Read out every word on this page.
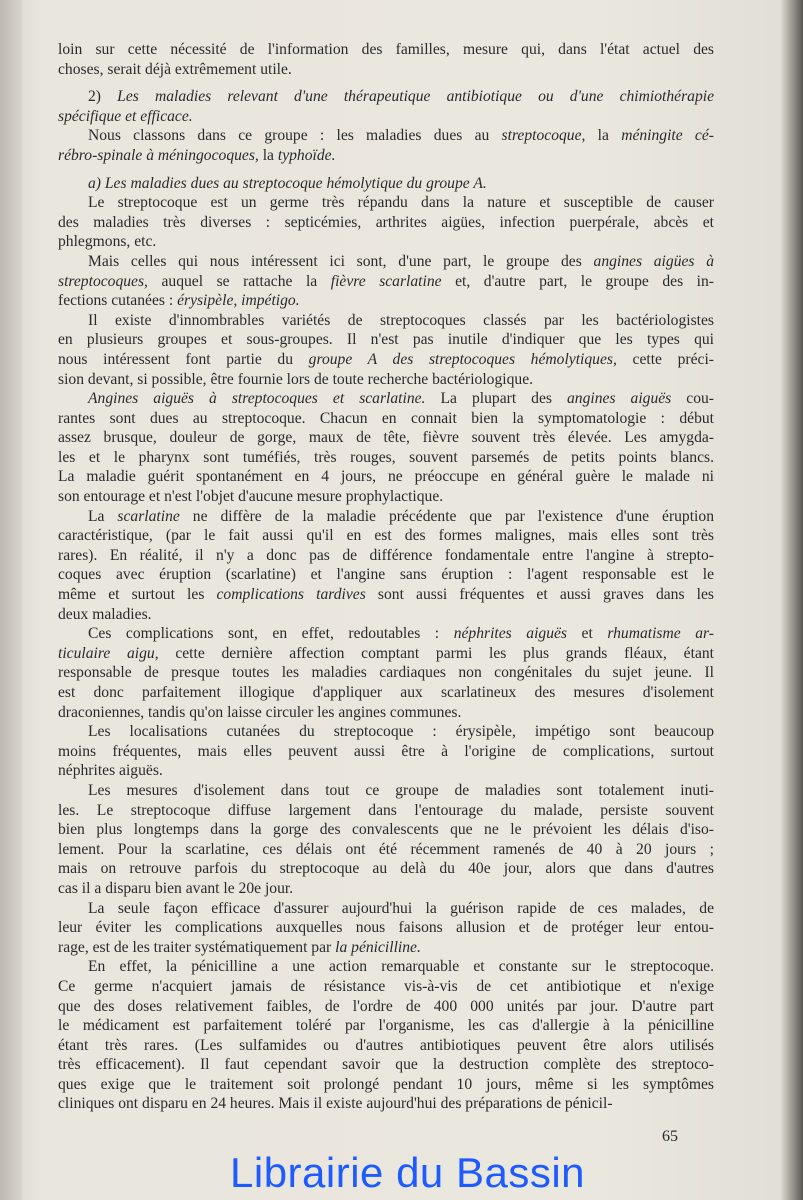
loin sur cette nécessité de l'information des familles, mesure qui, dans l'état actuel des
choses, serait déjà extrêmement utile.
2) Les maladies relevant d'une thérapeutique antibiotique ou d'une chimiothérapie
spécifique et efficace.
Nous classons dans ce groupe : les maladies dues au streptocoque, la méningite cé-
rébro-spinale à méningocoques, la typhoïde.
a) Les maladies dues au streptocoque hémolytique du groupe A.
Le streptocoque est un germe très répandu dans la nature et susceptible de causer
des maladies très diverses : septicémies, arthrites aigües, infection puerpérale, abcès et
phlegmons, etc.
Mais celles qui nous intéressent ici sont, d'une part, le groupe des angines aigües à
streptocoques, auquel se rattache la fièvre scarlatine et, d'autre part, le groupe des in-
fections cutanées : érysipèle, impétigo.
Il existe d'innombrables variétés de streptocoques classés par les bactériologistes
en plusieurs groupes et sous-groupes. Il n'est pas inutile d'indiquer que les types qui
nous intéressent font partie du groupe A des streptocoques hémolytiques, cette préci-
sion devant, si possible, être fournie lors de toute recherche bactériologique.
Angines aiguës à streptocoques et scarlatine. La plupart des angines aiguës cou-
rantes sont dues au streptocoque. Chacun en connait bien la symptomatologie : début
assez brusque, douleur de gorge, maux de tête, fièvre souvent très élevée. Les amygda-
les et le pharynx sont tuméfiés, très rouges, souvent parsemés de petits points blancs.
La maladie guérit spontanément en 4 jours, ne préoccupe en général guère le malade ni
son entourage et n'est l'objet d'aucune mesure prophylactique.
La scarlatine ne diffère de la maladie précédente que par l'existence d'une éruption
caractéristique, (par le fait aussi qu'il en est des formes malignes, mais elles sont très
rares). En réalité, il n'y a donc pas de différence fondamentale entre l'angine à strepto-
coques avec éruption (scarlatine) et l'angine sans éruption : l'agent responsable est le
même et surtout les complications tardives sont aussi fréquentes et aussi graves dans les
deux maladies.
Ces complications sont, en effet, redoutables : néphrites aiguës et rhumatisme ar-
ticulaire aigu, cette dernière affection comptant parmi les plus grands fléaux, étant
responsable de presque toutes les maladies cardiaques non congénitales du sujet jeune. Il
est donc parfaitement illogique d'appliquer aux scarlatineux des mesures d'isolement
draconiennes, tandis qu'on laisse circuler les angines communes.
Les localisations cutanées du streptocoque : érysipèle, impétigo sont beaucoup
moins fréquentes, mais elles peuvent aussi être à l'origine de complications, surtout
néphrites aiguës.
Les mesures d'isolement dans tout ce groupe de maladies sont totalement inuti-
les. Le streptocoque diffuse largement dans l'entourage du malade, persiste souvent
bien plus longtemps dans la gorge des convalescents que ne le prévoient les délais d'iso-
lement. Pour la scarlatine, ces délais ont été récemment ramenés de 40 à 20 jours ;
mais on retrouve parfois du streptocoque au delà du 40e jour, alors que dans d'autres
cas il a disparu bien avant le 20e jour.
La seule façon efficace d'assurer aujourd'hui la guérison rapide de ces malades, de
leur éviter les complications auxquelles nous faisons allusion et de protéger leur entou-
rage, est de les traiter systématiquement par la pénicilline.
En effet, la pénicilline a une action remarquable et constante sur le streptocoque.
Ce germe n'acquiert jamais de résistance vis-à-vis de cet antibiotique et n'exige
que des doses relativement faibles, de l'ordre de 400 000 unités par jour. D'autre part
le médicament est parfaitement toléré par l'organisme, les cas d'allergie à la pénicilline
étant très rares. (Les sulfamides ou d'autres antibiotiques peuvent être alors utilisés
très efficacement). Il faut cependant savoir que la destruction complète des streptoco-
ques exige que le traitement soit prolongé pendant 10 jours, même si les symptômes
cliniques ont disparu en 24 heures. Mais il existe aujourd'hui des préparations de pénicil-
65
Librairie du Bassin
